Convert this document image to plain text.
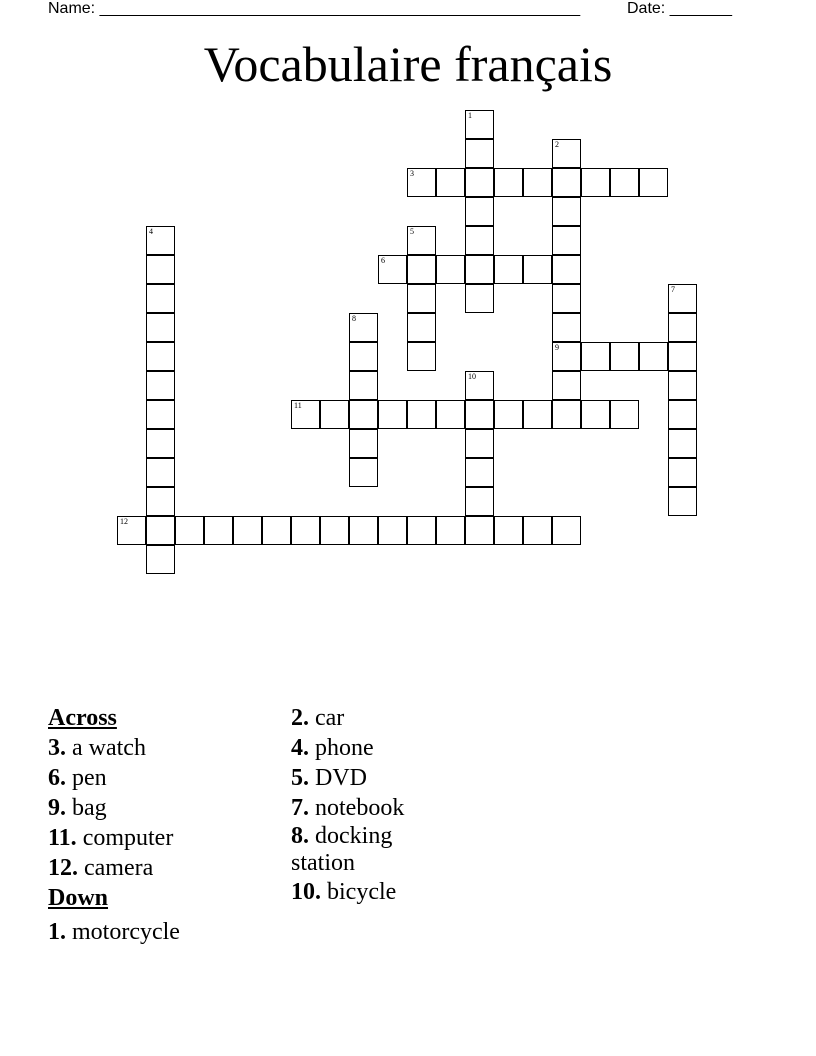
Name: ______________________________________________________	Date: _______
Vocabulaire français
1
2
3
4	5
6
7
8
9
10
11
12
Across
3. a watch
6. pen
9. bag
11. computer
12. camera
Down
1. motorcycle
2. car
4. phone
5. DVD
7. notebook
8. docking station
10. bicycle
